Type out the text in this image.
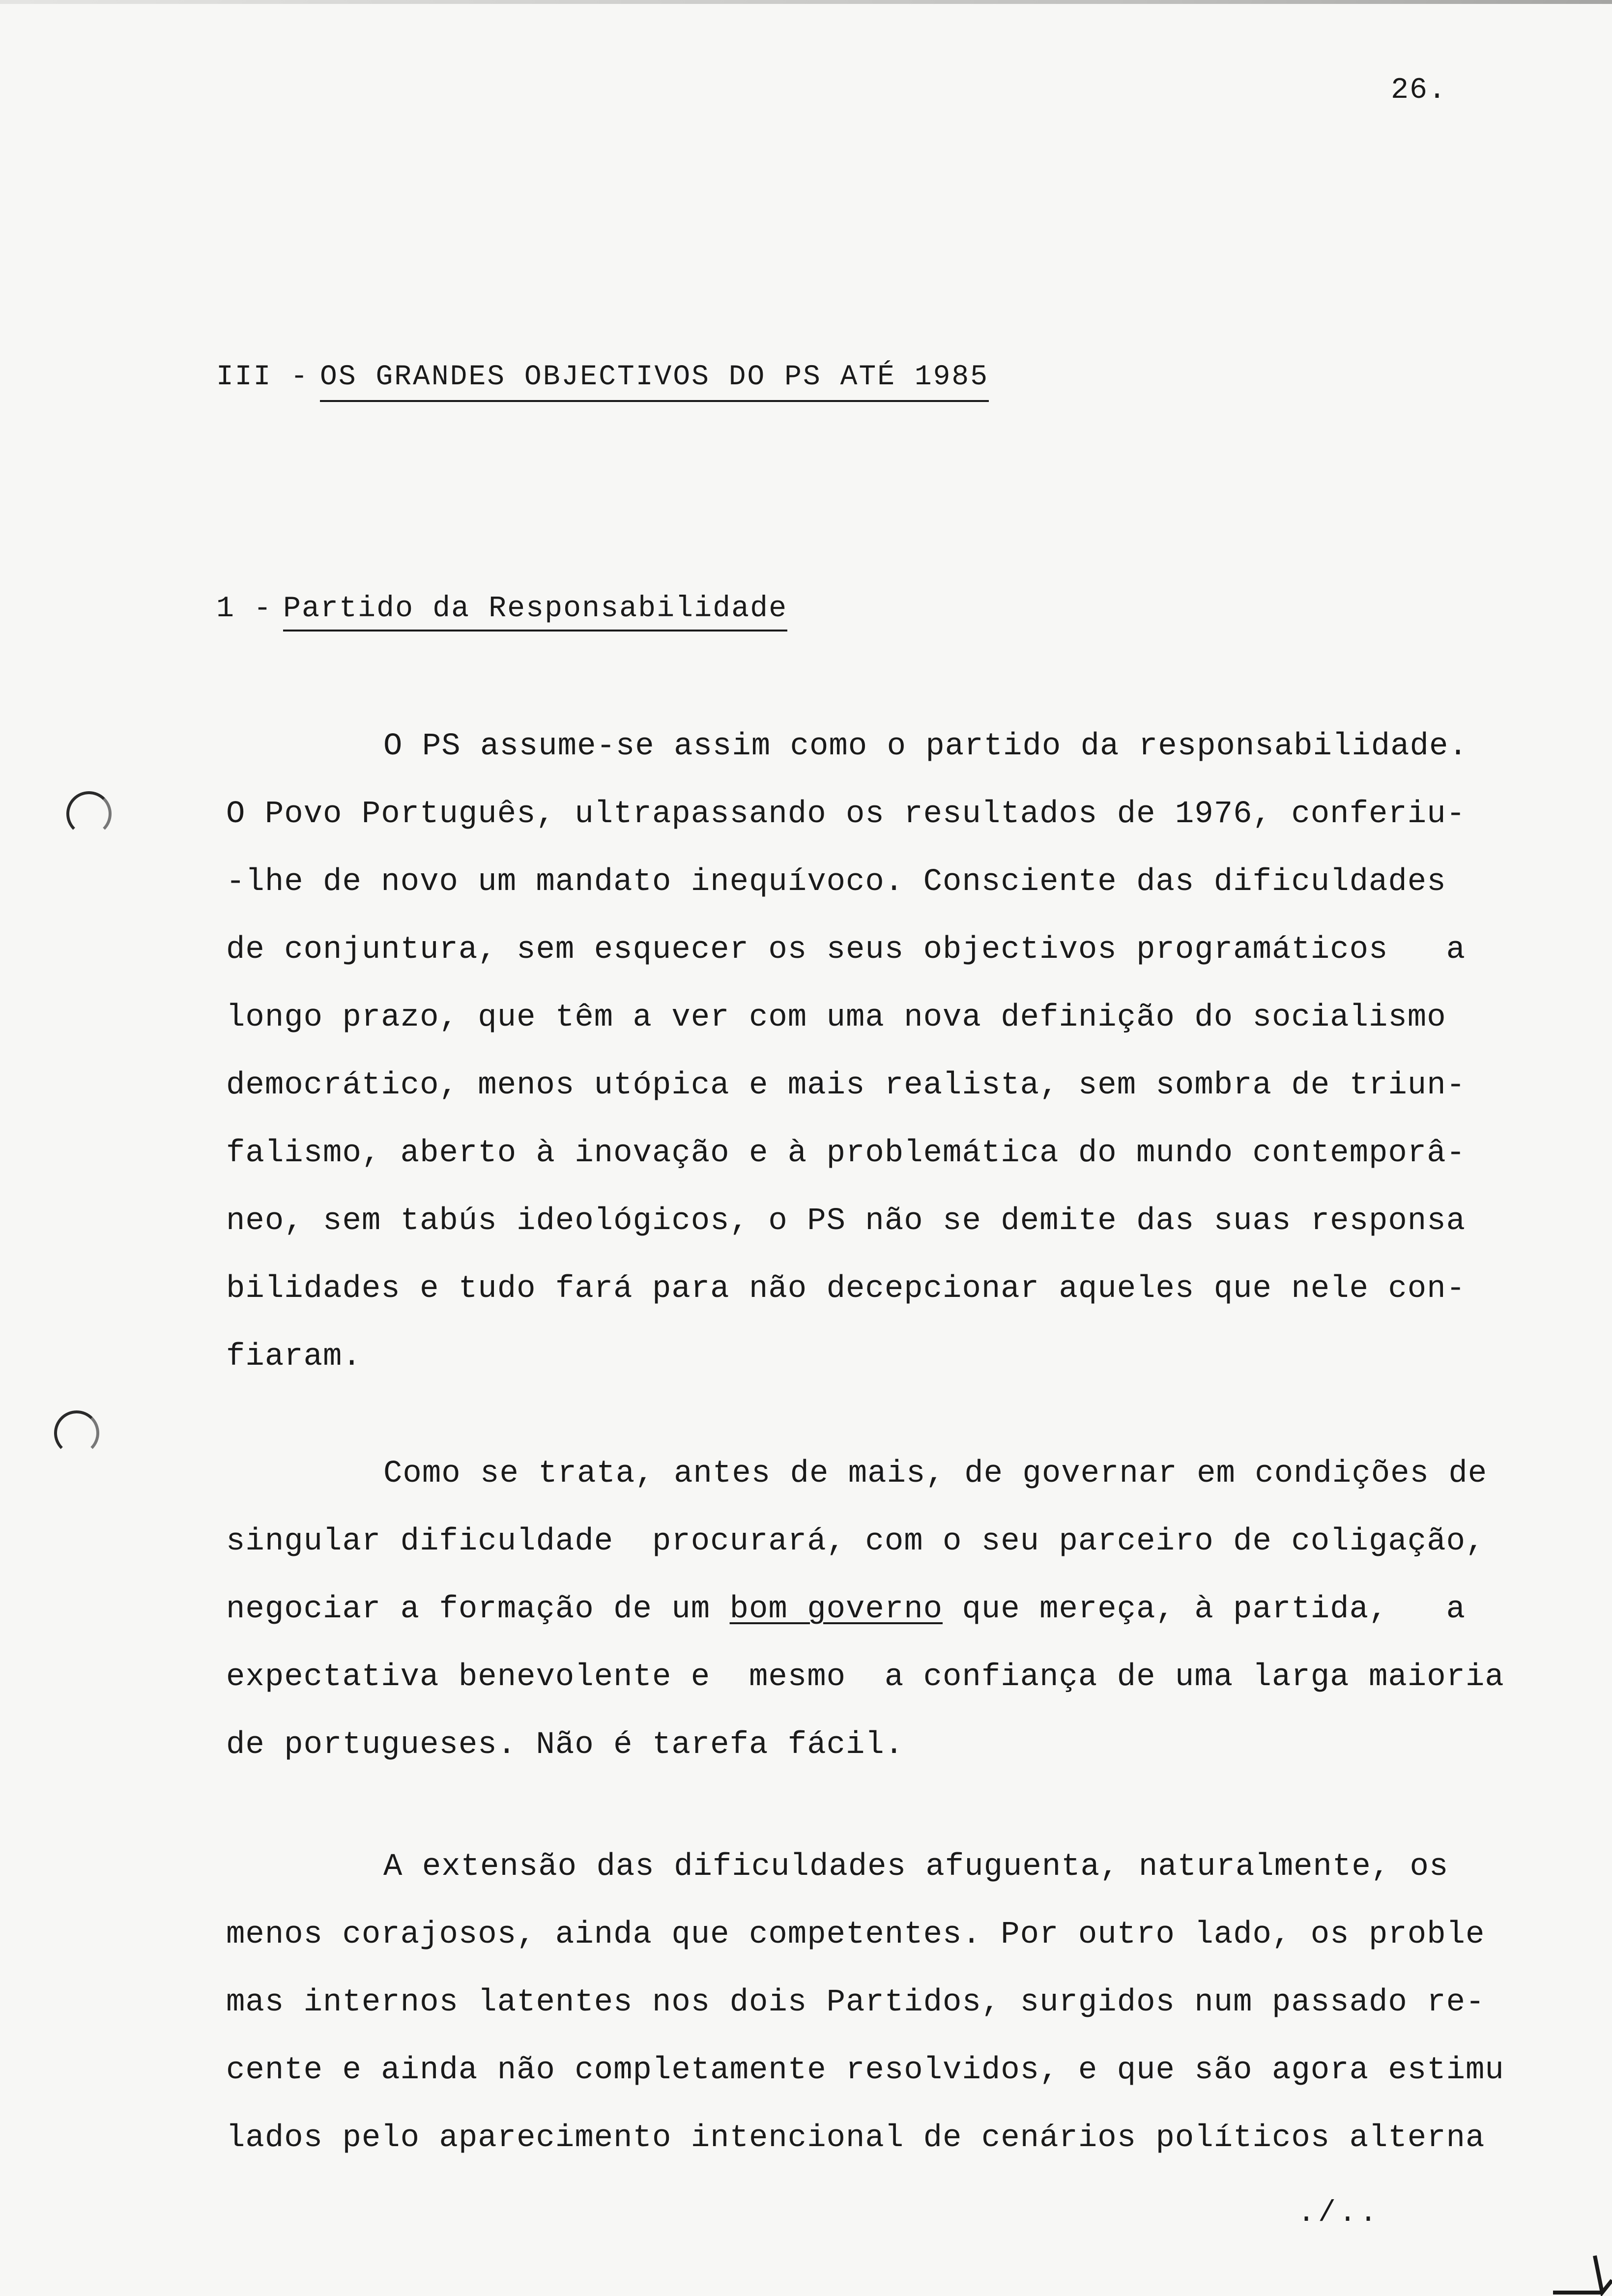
26.
III - OS GRANDES OBJECTIVOS DO PS ATÉ 1985
1 - Partido da Responsabilidade
O PS assume-se assim como o partido da responsabilidade.
O Povo Português, ultrapassando os resultados de 1976, conferiu-
-lhe de novo um mandato inequívoco. Consciente das dificuldades
de conjuntura, sem esquecer os seus objectivos programáticos   a
longo prazo, que têm a ver com uma nova definição do socialismo
democrático, menos utópica e mais realista, sem sombra de triun-
falismo, aberto à inovação e à problemática do mundo contemporâ-
neo, sem tabús ideológicos, o PS não se demite das suas responsa
bilidades e tudo fará para não decepcionar aqueles que nele con-
fiaram.
Como se trata, antes de mais, de governar em condições de
singular dificuldade  procurará, com o seu parceiro de coligação,
negociar a formação de um bom governo que mereça, à partida,   a
expectativa benevolente e  mesmo  a confiança de uma larga maioria
de portugueses. Não é tarefa fácil.
A extensão das dificuldades afuguenta, naturalmente, os
menos corajosos, ainda que competentes. Por outro lado, os proble
mas internos latentes nos dois Partidos, surgidos num passado re-
cente e ainda não completamente resolvidos, e que são agora estimu
lados pelo aparecimento intencional de cenários políticos alterna
./..
